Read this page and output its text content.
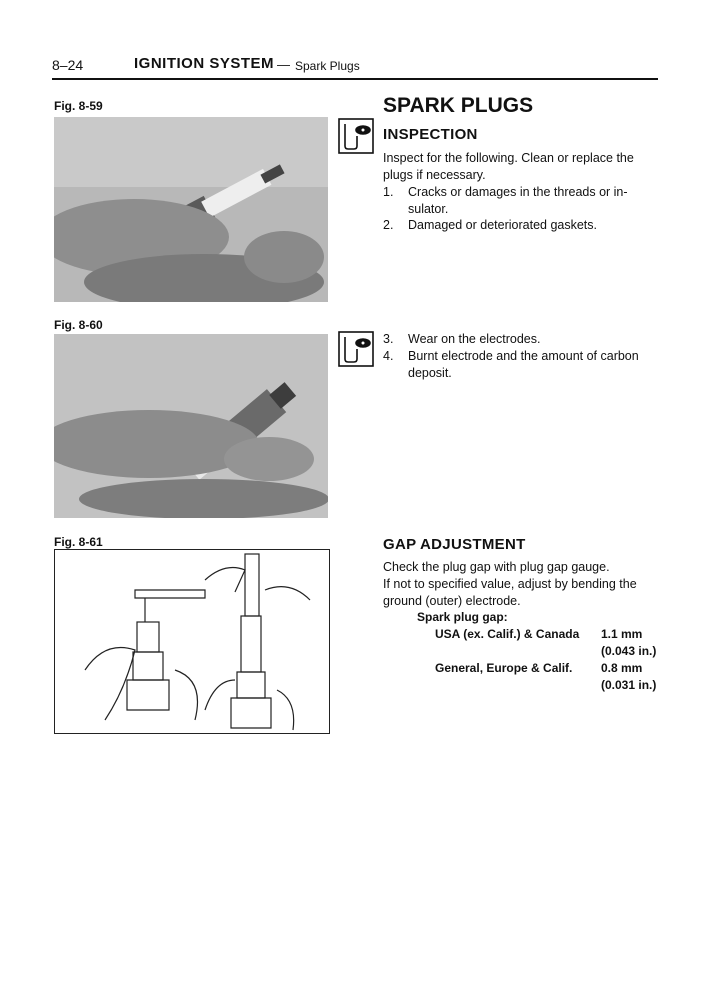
8–24	IGNITION SYSTEM — Spark Plugs
Fig. 8-59
Fig. 8-60
Fig. 8-61
SPARK PLUGS
INSPECTION
Inspect for the following. Clean or replace the
plugs if necessary.
1. Cracks or damages in the threads or in-
sulator.
2. Damaged or deteriorated gaskets.
3. Wear on the electrodes.
4. Burnt electrode and the amount of carbon
deposit.
GAP ADJUSTMENT
Check the plug gap with plug gap gauge.
If not to specified value, adjust by bending the
ground (outer) electrode.
Spark plug gap:
USA (ex. Calif.) & Canada 1.1 mm
(0.043 in.)
General, Europe & Calif. 0.8 mm
(0.031 in.)
